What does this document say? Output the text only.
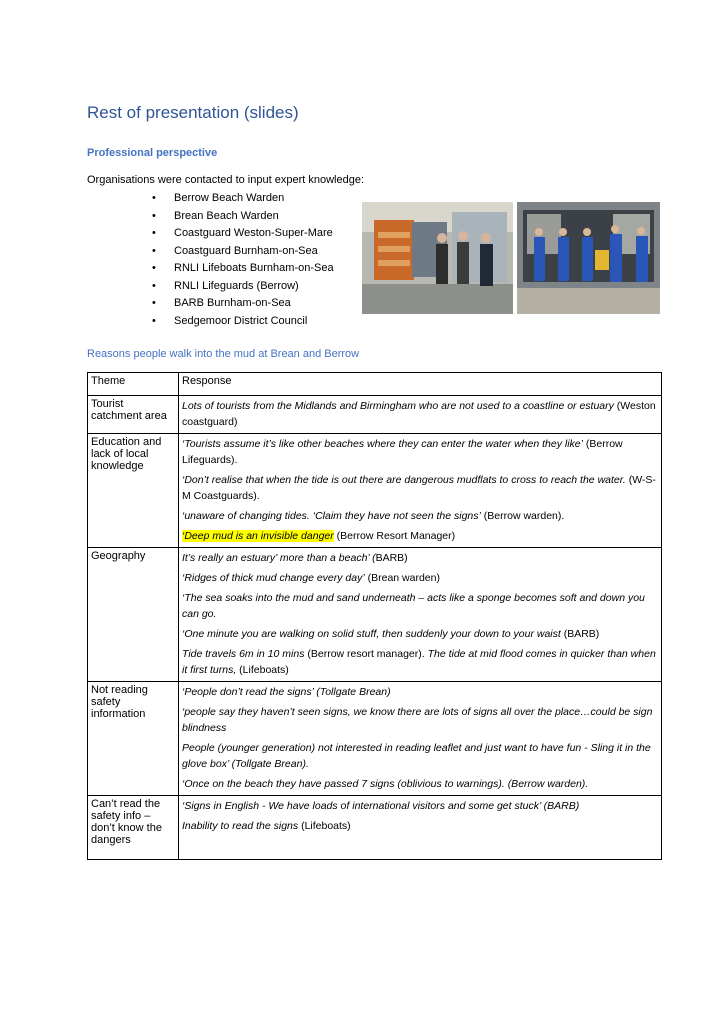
Rest of presentation (slides)
Professional perspective
Organisations were contacted to input expert knowledge:
• Berrow Beach Warden
• Brean Beach Warden
• Coastguard Weston-Super-Mare
• Coastguard Burnham-on-Sea
• RNLI Lifeboats Burnham-on-Sea
• RNLI Lifeguards (Berrow)
• BARB Burnham-on-Sea
• Sedgemoor District Council
Reasons people walk into the mud at Brean and Berrow
Theme	Response
Tourist catchment area	Lots of tourists from the Midlands and Birmingham who are not used to a coastline or estuary (Weston coastguard)

Education and lack of local knowledge	‘Tourists assume it’s like other beaches where they can enter the water when they like’ (Berrow Lifeguards).

‘Don’t realise that when the tide is out there are dangerous mudflats to cross to reach the water. (W-S-M Coastguards).

‘unaware of changing tides. ‘Claim they have not seen the signs’ (Berrow warden).

‘Deep mud is an invisible danger (Berrow Resort Manager)

Geography	It’s really an estuary’ more than a beach’ (BARB)

‘Ridges of thick mud change every day’ (Brean warden)

‘The sea soaks into the mud and sand underneath – acts like a sponge becomes soft and down you can go.

‘One minute you are walking on solid stuff, then suddenly your down to your waist (BARB)

Tide travels 6m in 10 mins (Berrow resort manager). The tide at mid flood comes in quicker than when it first turns, (Lifeboats)

Not reading safety information	‘People don’t read the signs’ (Tollgate Brean)

‘people say they haven’t seen signs, we know there are lots of signs all over the place…could be sign blindness

People (younger generation) not interested in reading leaflet and just want to have fun - Sling it in the glove box’ (Tollgate Brean).

‘Once on the beach they have passed 7 signs (oblivious to warnings). (Berrow warden).

Can’t read the safety info – don’t know the dangers	‘Signs in English - We have loads of international visitors and some get stuck’ (BARB)

Inability to read the signs (Lifeboats)
